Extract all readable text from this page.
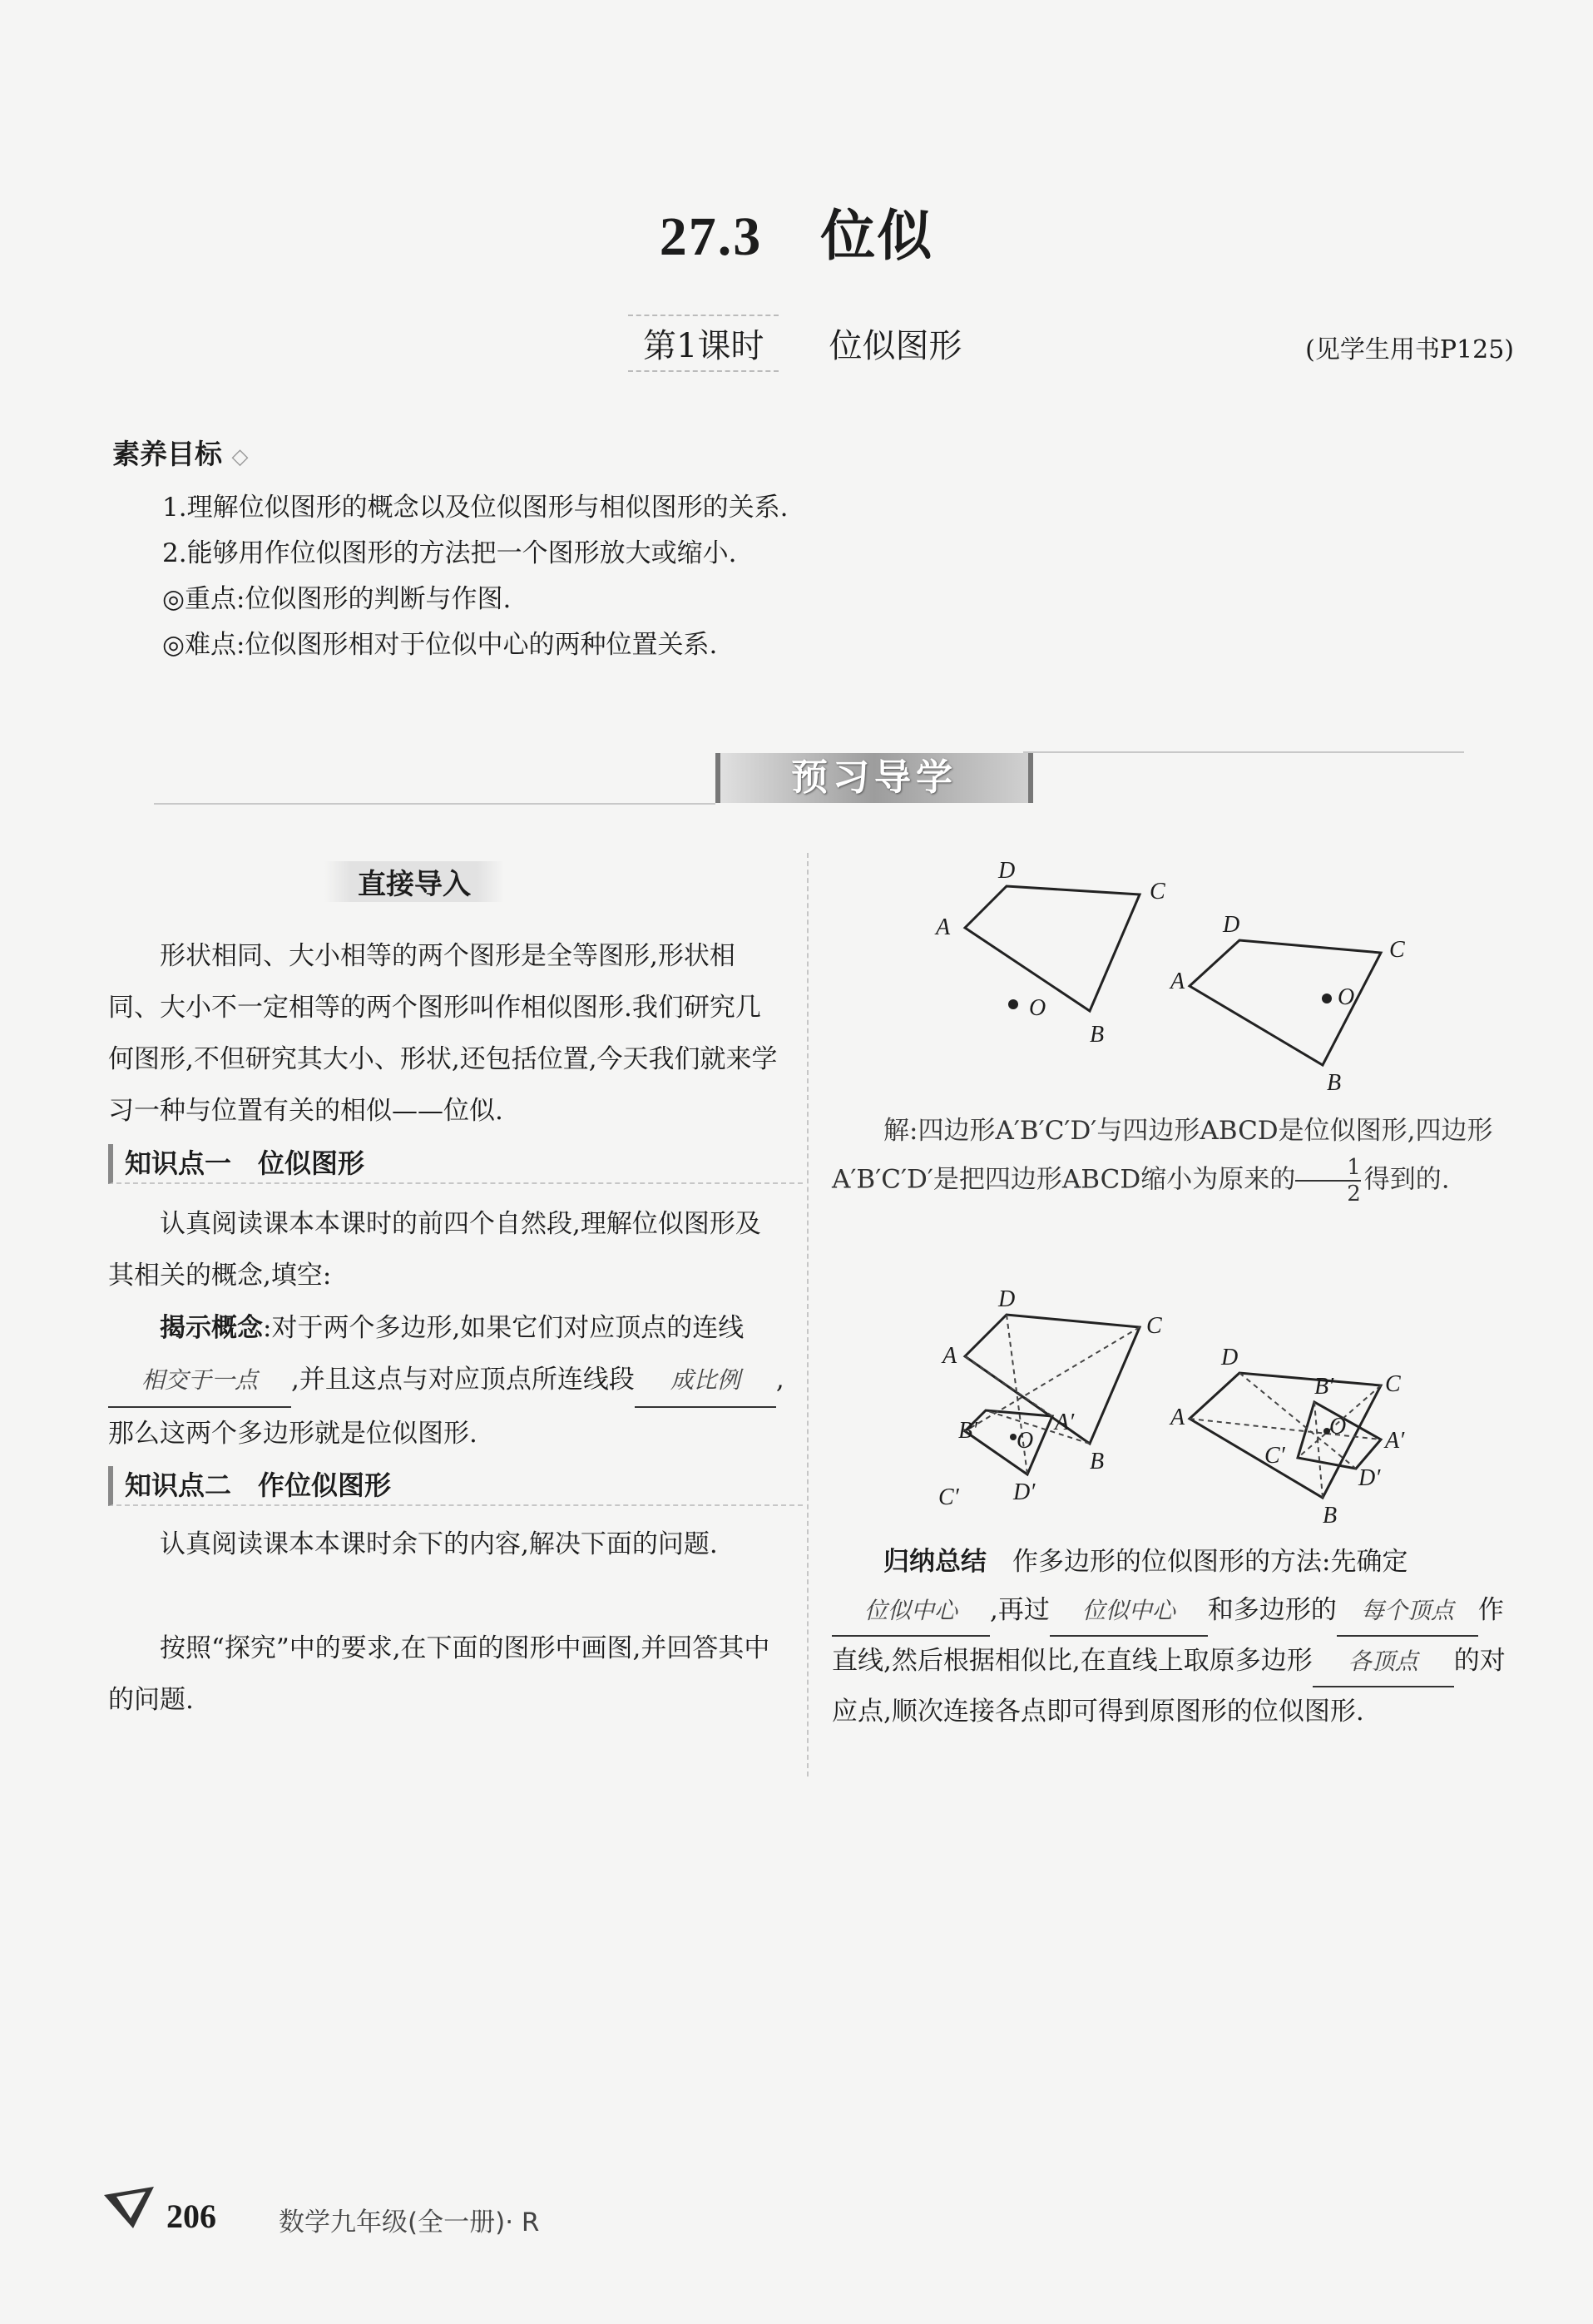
27.3 位似
第1课时 位似图形	(见学生用书P125)
素养目标 ◇
1.理解位似图形的概念以及位似图形与相似图形的关系.
2.能够用作位似图形的方法把一个图形放大或缩小.
◎重点:位似图形的判断与作图.
◎难点:位似图形相对于位似中心的两种位置关系.
预习导学
直接导入
形状相同、大小相等的两个图形是全等图形,形状相同、大小不一定相等的两个图形叫作相似图形.我们研究几何图形,不但研究其大小、形状,还包括位置,今天我们就来学习一种与位置有关的相似——位似.
知识点一　位似图形
认真阅读课本本课时的前四个自然段,理解位似图形及其相关的概念,填空:
揭示概念:对于两个多边形,如果它们对应顶点的连线相交于一点 ,并且这点与对应顶点所连线段 成比例 ,那么这两个多边形就是位似图形.
知识点二　作位似图形
认真阅读课本本课时余下的内容,解决下面的问题.
按照“探究”中的要求,在下面的图形中画图,并回答其中的问题.
A
D
C
B
O
A
D
C
B
O
解:四边形A′B′C′D′与四边形ABCD是位似图形,四边形A′B′C′D′是把四边形ABCD缩小为原来的 $\frac{1}{2}$ 得到的.
A
D
C
B
O
B′
C′
A′
D′
A
D
C
B
O
B′
C′
A′
D′
归纳总结　 作多边形的位似图形的方法:先确定位似中心 ,再过 位似中心 和多边形的 每个顶点 作直线,然后根据相似比,在直线上取原多边形 各顶点 的对应点,顺次连接各点即可得到原图形的位似图形.
206 数学九年级(全一册)· R
